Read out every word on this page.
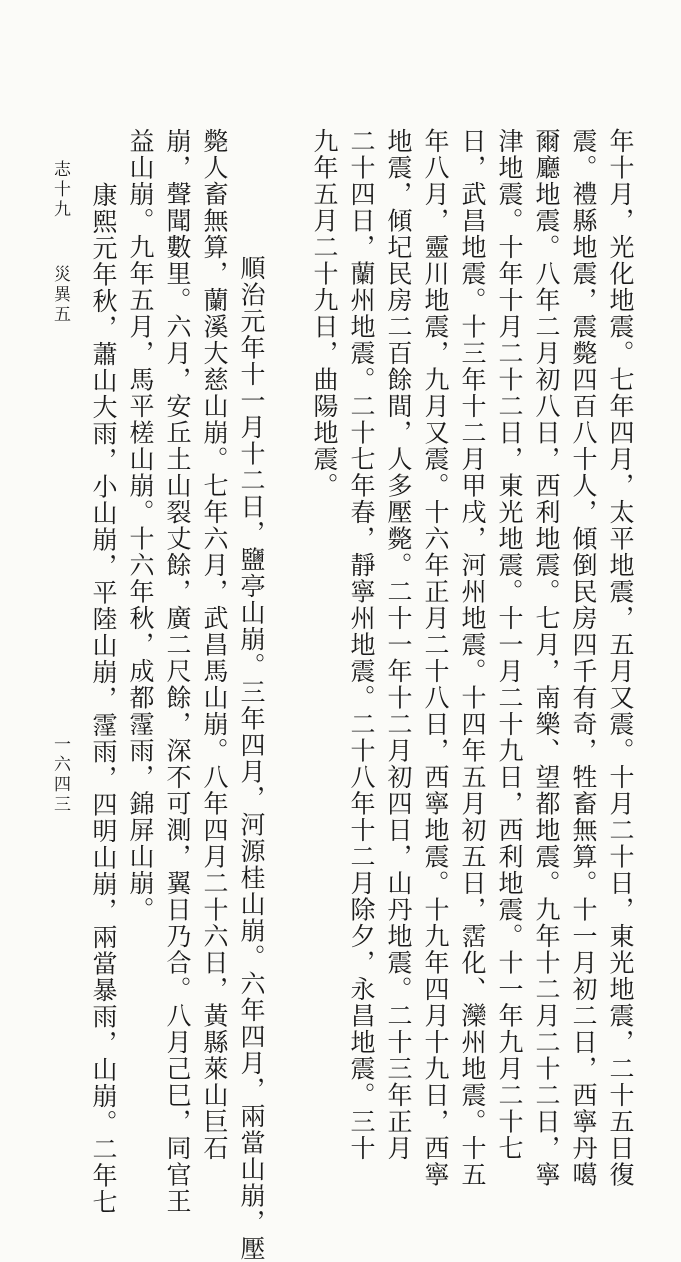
年十月，光化地震。七年四月，太平地震，五月又震。十月二十日，東光地震，二十五日復
震。禮縣地震，震斃四百八十人，傾倒民房四千有奇，牲畜無算。十一月初二日，西寧丹噶
爾廳地震。八年二月初八日，西利地震。七月，南樂、望都地震。九年十二月二十二日，寧
津地震。十年十月二十二日，東光地震。十一月二十九日，西利地震。十一年九月二十七
日，武昌地震。十三年十二月甲戌，河州地震。十四年五月初五日，霑化、灤州地震。十五
年八月，靈川地震，九月又震。十六年正月二十八日，西寧地震。十九年四月十九日，西寧
地震，傾圮民房二百餘間，人多壓斃。二十一年十二月初四日，山丹地震。二十三年正月
二十四日，蘭州地震。二十七年春，靜寧州地震。二十八年十二月除夕，永昌地震。三十
九年五月二十九日，曲陽地震。
順治元年十一月十二日，鹽亭山崩。三年四月，河源桂山崩。六年四月，兩當山崩，壓
斃人畜無算，蘭溪大慈山崩。七年六月，武昌馬山崩。八年四月二十六日，黃縣萊山巨石
崩，聲聞數里。六月，安丘土山裂丈餘，廣二尺餘，深不可測，翼日乃合。八月己巳，同官王
益山崩。九年五月，馬平槎山崩。十六年秋，成都霪雨，錦屏山崩。
康熙元年秋，蕭山大雨，小山崩，平陸山崩，霪雨，四明山崩，兩當暴雨，山崩。二年七
志十九
災異五
一六四三
